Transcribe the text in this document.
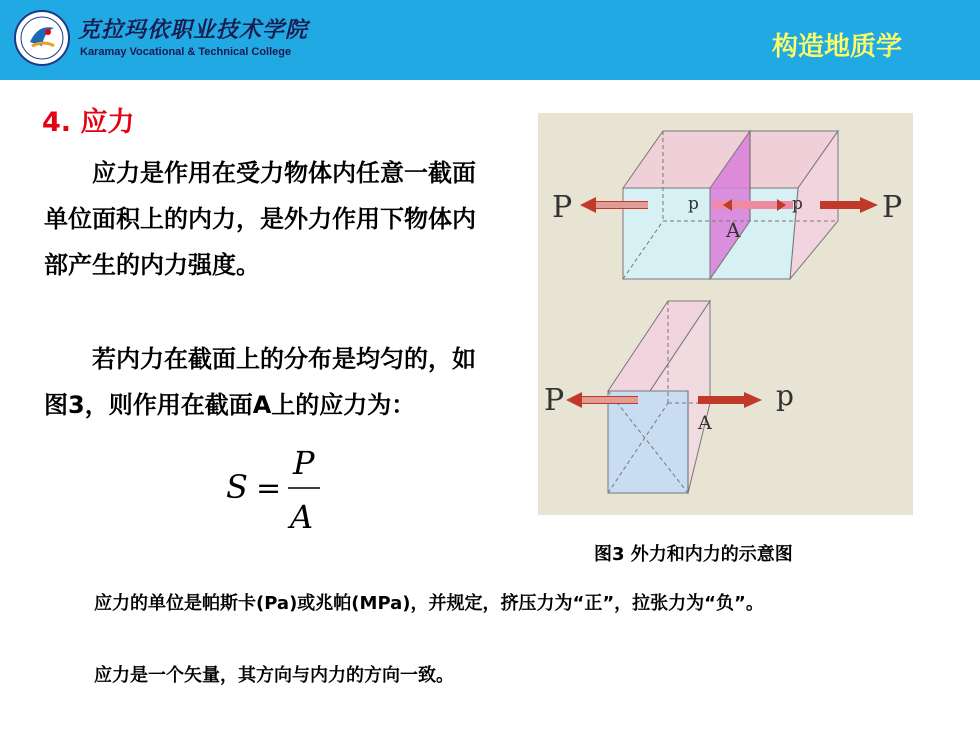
克拉玛依职业技术学院
Karamay Vocational & Technical College	构造地质学
4. 应力
应力是作用在受力物体内任意一截面单位面积上的内力，是外力作用下物体内部产生的内力强度。
若内力在截面上的分布是均匀的，如图3，则作用在截面A上的应力为：
S =
P
A
P	P
p	p
A
P	p
A
图3 外力和内力的示意图
应力的单位是帕斯卡(Pa)或兆帕(MPa)，并规定，挤压力为“正”，拉张力为“负”。
应力是一个矢量，其方向与内力的方向一致。
